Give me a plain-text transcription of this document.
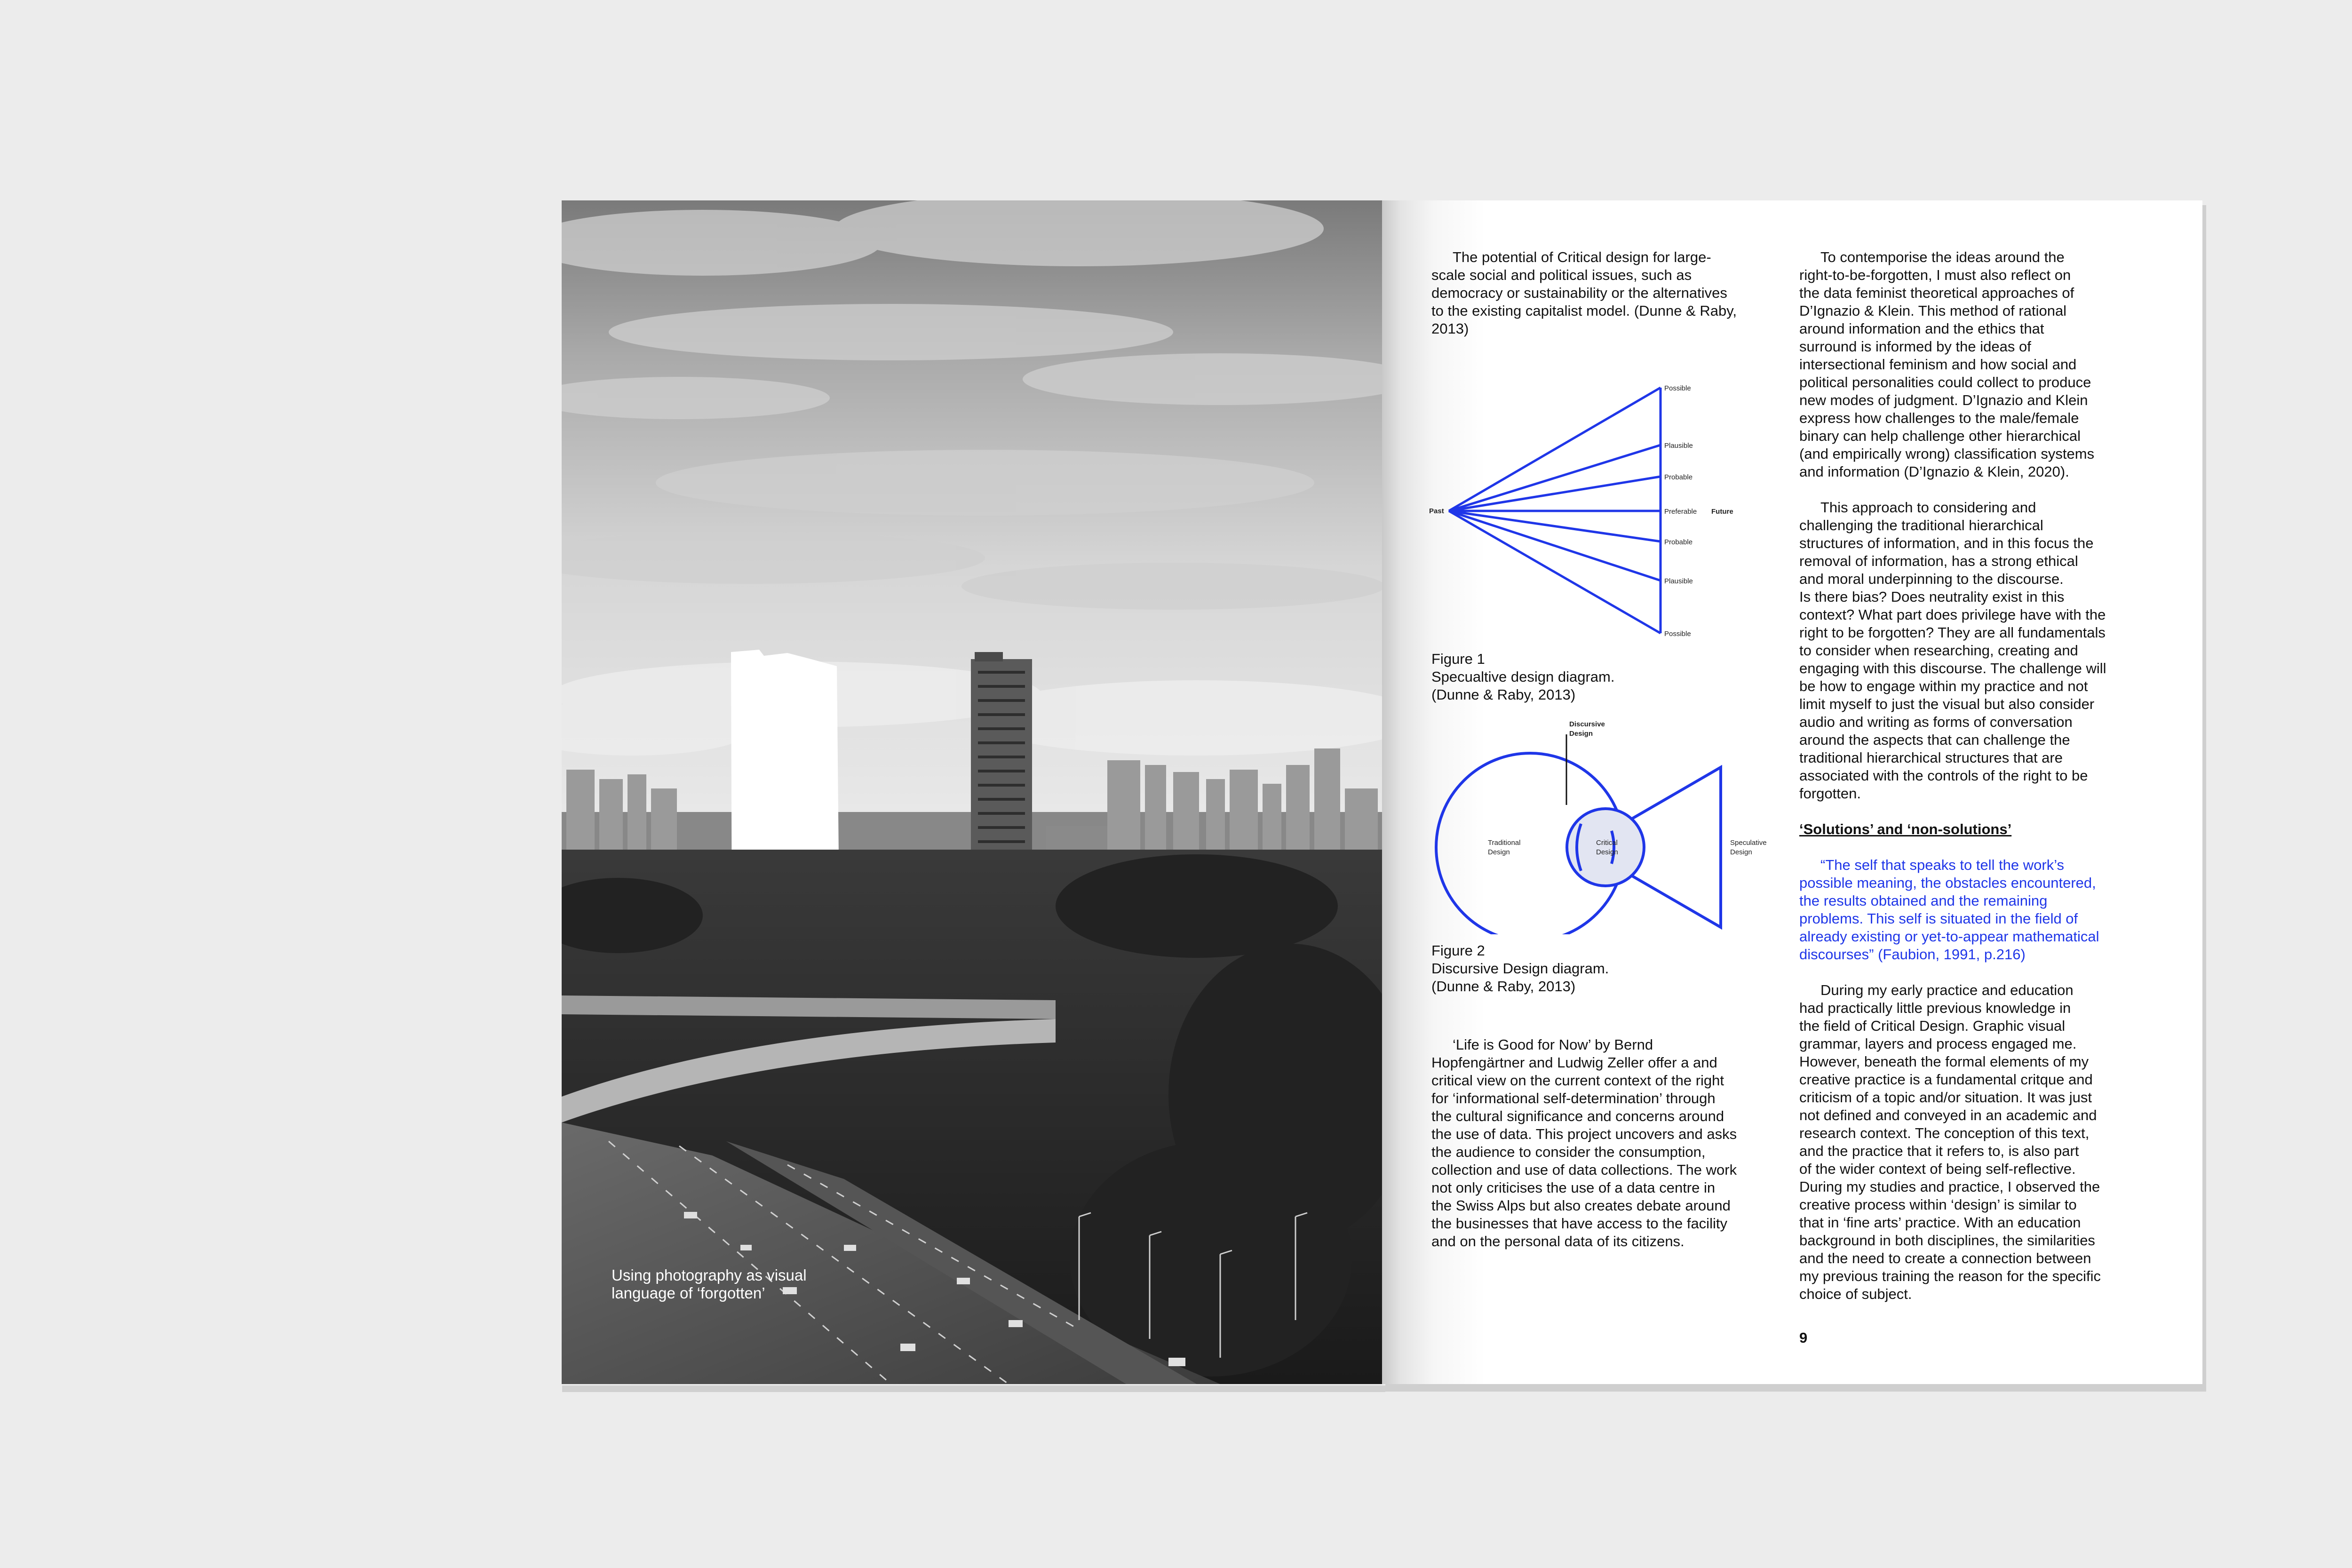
Using photography as visual
language of ‘forgotten’

The potential of Critical design for large-
scale social and political issues, such as
democracy or sustainability or the alternatives
to the existing capitalist model. (Dunne & Raby,
2013)

Past
Possible
Plausible
Probable
Preferable Future
Probable
Plausible
Possible
Figure 1
Specualtive design diagram.
(Dunne & Raby, 2013)
Discursive
Design
Traditional
Design
Critical
Design
Speculative
Design
Figure 2
Discursive Design diagram.
(Dunne & Raby, 2013)

‘Life is Good for Now’ by Bernd
Hopfengärtner and Ludwig Zeller offer a and
critical view on the current context of the right
for ‘informational self-determination’ through
the cultural significance and concerns around
the use of data. This project uncovers and asks
the audience to consider the consumption,
collection and use of data collections. The work
not only criticises the use of a data centre in
the Swiss Alps but also creates debate around
the businesses that have access to the facility
and on the personal data of its citizens.

To contemporise the ideas around the
right-to-be-forgotten, I must also reflect on
the data feminist theoretical approaches of
D’Ignazio & Klein. This method of rational
around information and the ethics that
surround is informed by the ideas of
intersectional feminism and how social and
political personalities could collect to produce
new modes of judgment. D’Ignazio and Klein
express how challenges to the male/female
binary can help challenge other hierarchical
(and empirically wrong) classification systems
and information (D’Ignazio & Klein, 2020).

This approach to considering and
challenging the traditional hierarchical
structures of information, and in this focus the
removal of information, has a strong ethical
and moral underpinning to the discourse.
Is there bias? Does neutrality exist in this
context? What part does privilege have with the
right to be forgotten? They are all fundamentals
to consider when researching, creating and
engaging with this discourse. The challenge will
be how to engage within my practice and not
limit myself to just the visual but also consider
audio and writing as forms of conversation
around the aspects that can challenge the
traditional hierarchical structures that are
associated with the controls of the right to be
forgotten.

‘Solutions’ and ‘non-solutions’

“The self that speaks to tell the work’s
possible meaning, the obstacles encountered,
the results obtained and the remaining
problems. This self is situated in the field of
already existing or yet-to-appear mathematical
discourses” (Faubion, 1991, p.216)

During my early practice and education
had practically little previous knowledge in
the field of Critical Design. Graphic visual
grammar, layers and process engaged me.
However, beneath the formal elements of my
creative practice is a fundamental critque and
criticism of a topic and/or situation. It was just
not defined and conveyed in an academic and
research context. The conception of this text,
and the practice that it refers to, is also part
of the wider context of being self-reflective.
During my studies and practice, I observed the
creative process within ‘design’ is similar to
that in ‘fine arts’ practice. With an education
background in both disciplines, the similarities
and the need to create a connection between
my previous training the reason for the specific
choice of subject.

9
